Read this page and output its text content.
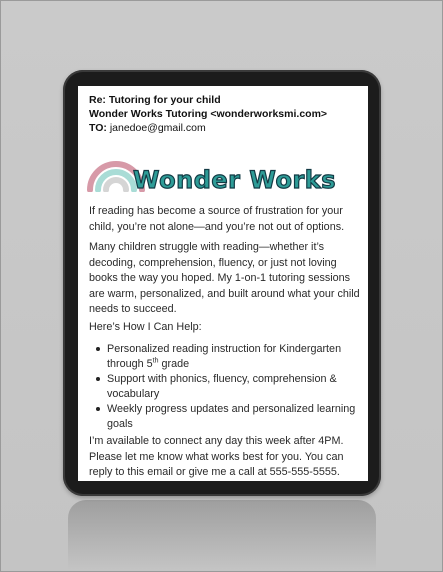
Re: Tutoring for your child
Wonder Works Tutoring <wonderworksmi.com>
TO: janedoe@gmail.com
Wonder Works
If reading has become a source of frustration for your child, you’re not alone—and you’re not out of options.
Many children struggle with reading—whether it’s decoding, comprehension, fluency, or just not loving books the way you hoped. My 1-on-1 tutoring sessions are warm, personalized, and built around what your child needs to succeed.
Here’s How I Can Help:
Personalized reading instruction for Kindergarten through 5th grade
Support with phonics, fluency, comprehension & vocabulary
Weekly progress updates and personalized learning goals
I’m available to connect any day this week after 4PM. Please let me know what works best for you. You can reply to this email or give me a call at 555-555-5555.
